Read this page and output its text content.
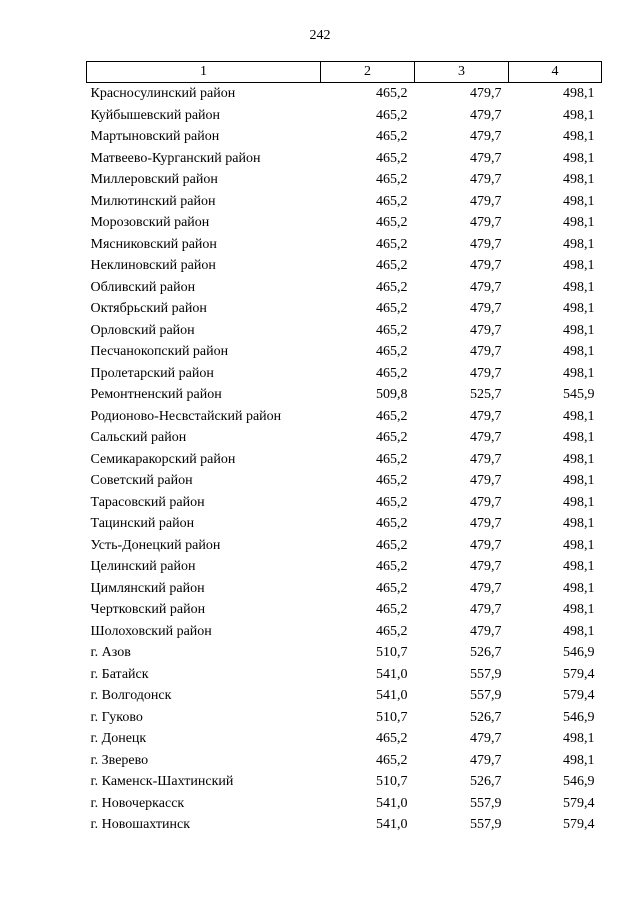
242
1	2	3	4
Красносулинский район	465,2	479,7	498,1
Куйбышевский район	465,2	479,7	498,1
Мартыновский район	465,2	479,7	498,1
Матвеево-Курганский район	465,2	479,7	498,1
Миллеровский район	465,2	479,7	498,1
Милютинский район	465,2	479,7	498,1
Морозовский район	465,2	479,7	498,1
Мясниковский район	465,2	479,7	498,1
Неклиновский район	465,2	479,7	498,1
Обливский район	465,2	479,7	498,1
Октябрьский район	465,2	479,7	498,1
Орловский район	465,2	479,7	498,1
Песчанокопский район	465,2	479,7	498,1
Пролетарский район	465,2	479,7	498,1
Ремонтненский район	509,8	525,7	545,9
Родионово-Несвстайский район	465,2	479,7	498,1
Сальский район	465,2	479,7	498,1
Семикаракорский район	465,2	479,7	498,1
Советский район	465,2	479,7	498,1
Тарасовский район	465,2	479,7	498,1
Тацинский район	465,2	479,7	498,1
Усть-Донецкий район	465,2	479,7	498,1
Целинский район	465,2	479,7	498,1
Цимлянский район	465,2	479,7	498,1
Чертковский район	465,2	479,7	498,1
Шолоховский район	465,2	479,7	498,1
г. Азов	510,7	526,7	546,9
г. Батайск	541,0	557,9	579,4
г. Волгодонск	541,0	557,9	579,4
г. Гуково	510,7	526,7	546,9
г. Донецк	465,2	479,7	498,1
г. Зверево	465,2	479,7	498,1
г. Каменск-Шахтинский	510,7	526,7	546,9
г. Новочеркасск	541,0	557,9	579,4
г. Новошахтинск	541,0	557,9	579,4
